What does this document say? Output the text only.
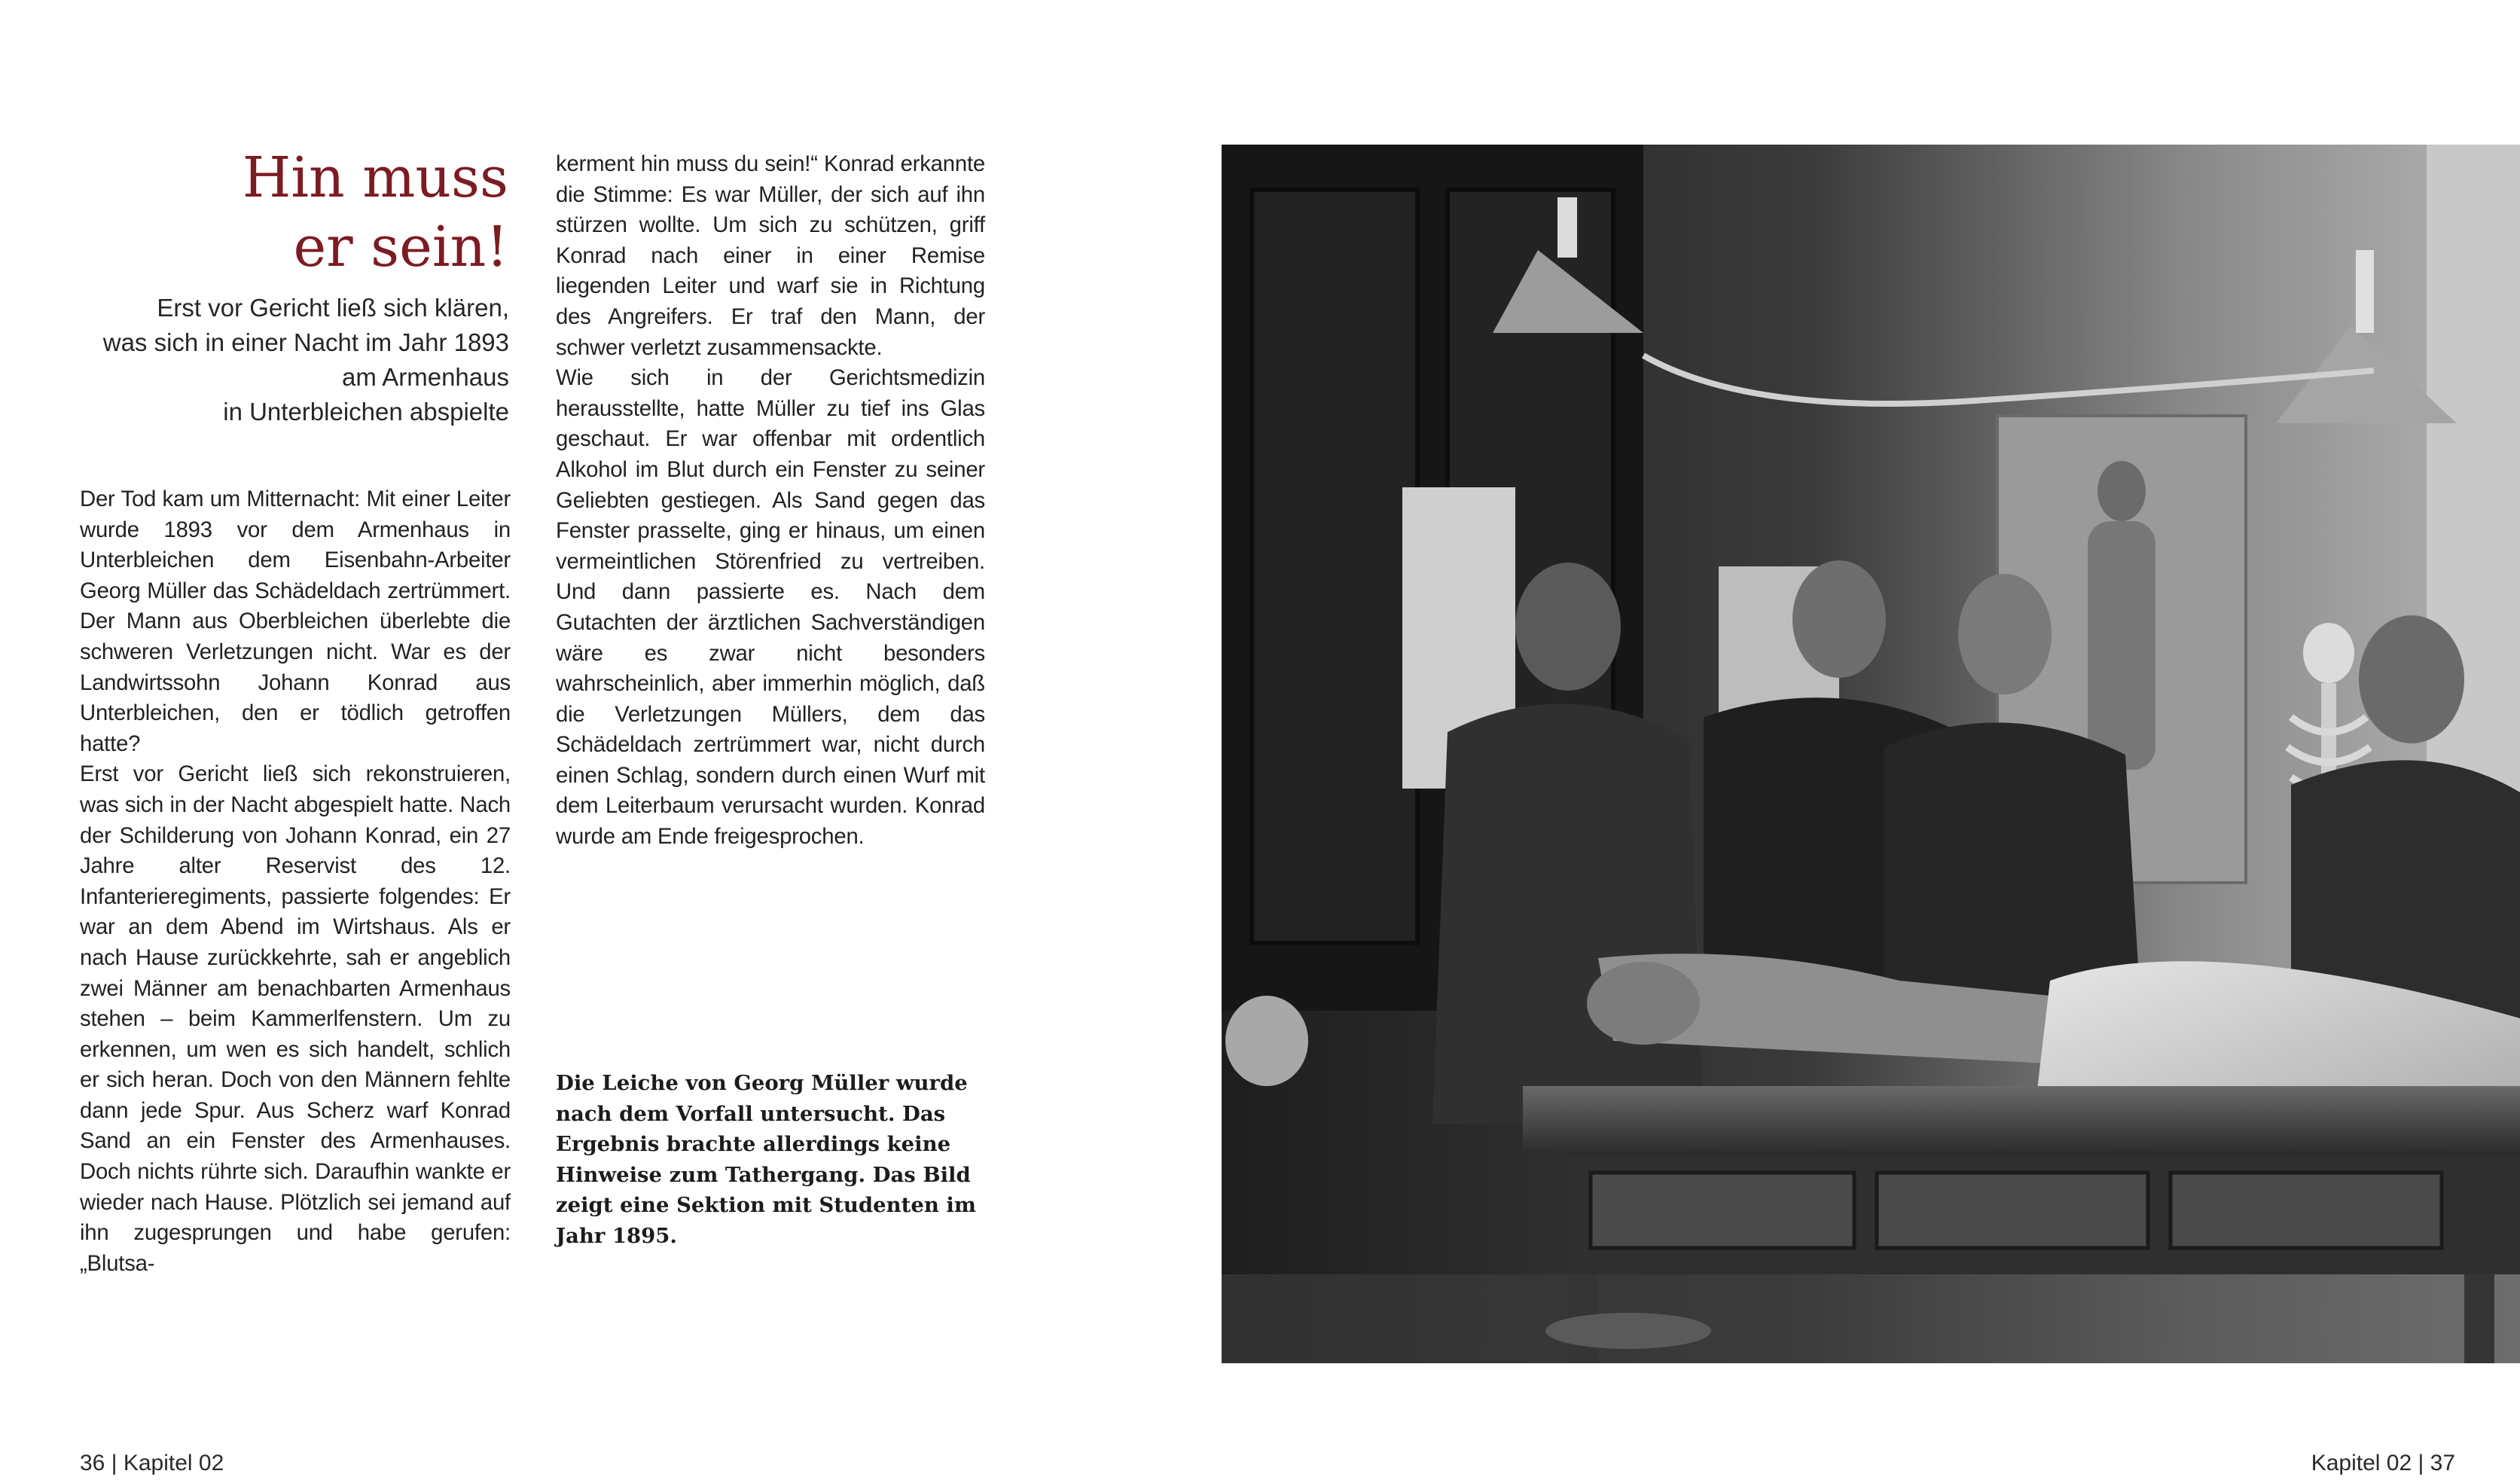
Hin muss
er sein!
Erst vor Gericht ließ sich klären,
was sich in einer Nacht im Jahr 1893
am Armenhaus
in Unterbleichen abspielte

Der Tod kam um Mitternacht: Mit einer Leiter wurde 1893 vor dem Armenhaus in Unterbleichen dem Eisenbahn-Arbeiter Georg Müller das Schädeldach zertrümmert. Der Mann aus Oberbleichen überlebte die schweren Verletzungen nicht. War es der Landwirtssohn Johann Konrad aus Unterbleichen, den er tödlich getroffen hatte?

Erst vor Gericht ließ sich rekonstruieren, was sich in der Nacht abgespielt hatte. Nach der Schilderung von Johann Konrad, ein 27 Jahre alter Reservist des 12. Infanterieregiments, passierte folgendes: Er war an dem Abend im Wirtshaus. Als er nach Hause zurückkehrte, sah er angeblich zwei Männer am benachbarten Armenhaus stehen – beim Kammerlfenstern. Um zu erkennen, um wen es sich handelt, schlich er sich heran. Doch von den Männern fehlte dann jede Spur. Aus Scherz warf Konrad Sand an ein Fenster des Armenhauses. Doch nichts rührte sich. Daraufhin wankte er wieder nach Hause. Plötzlich sei jemand auf ihn zugesprungen und habe gerufen: „Blutsa-

kerment hin muss du sein!“ Konrad erkannte die Stimme: Es war Müller, der sich auf ihn stürzen wollte. Um sich zu schützen, griff Konrad nach einer in einer Remise liegenden Leiter und warf sie in Richtung des Angreifers. Er traf den Mann, der schwer verletzt zusammensackte.

Wie sich in der Gerichtsmedizin herausstellte, hatte Müller zu tief ins Glas geschaut. Er war offenbar mit ordentlich Alkohol im Blut durch ein Fenster zu seiner Geliebten gestiegen. Als Sand gegen das Fenster prasselte, ging er hinaus, um einen vermeintlichen Störenfried zu vertreiben. Und dann passierte es. Nach dem Gutachten der ärztlichen Sachverständigen wäre es zwar nicht besonders wahrscheinlich, aber immerhin möglich, daß die Verletzungen Müllers, dem das Schädeldach zertrümmert war, nicht durch einen Schlag, sondern durch einen Wurf mit dem Leiterbaum verursacht wurden. Konrad wurde am Ende freigesprochen.

Die Leiche von Georg Müller wurde nach dem Vorfall untersucht. Das Ergebnis brachte allerdings keine Hinweise zum Tathergang. Das Bild zeigt eine Sektion mit Studenten im Jahr 1895.
36 | Kapitel 02	Kapitel 02 | 37
